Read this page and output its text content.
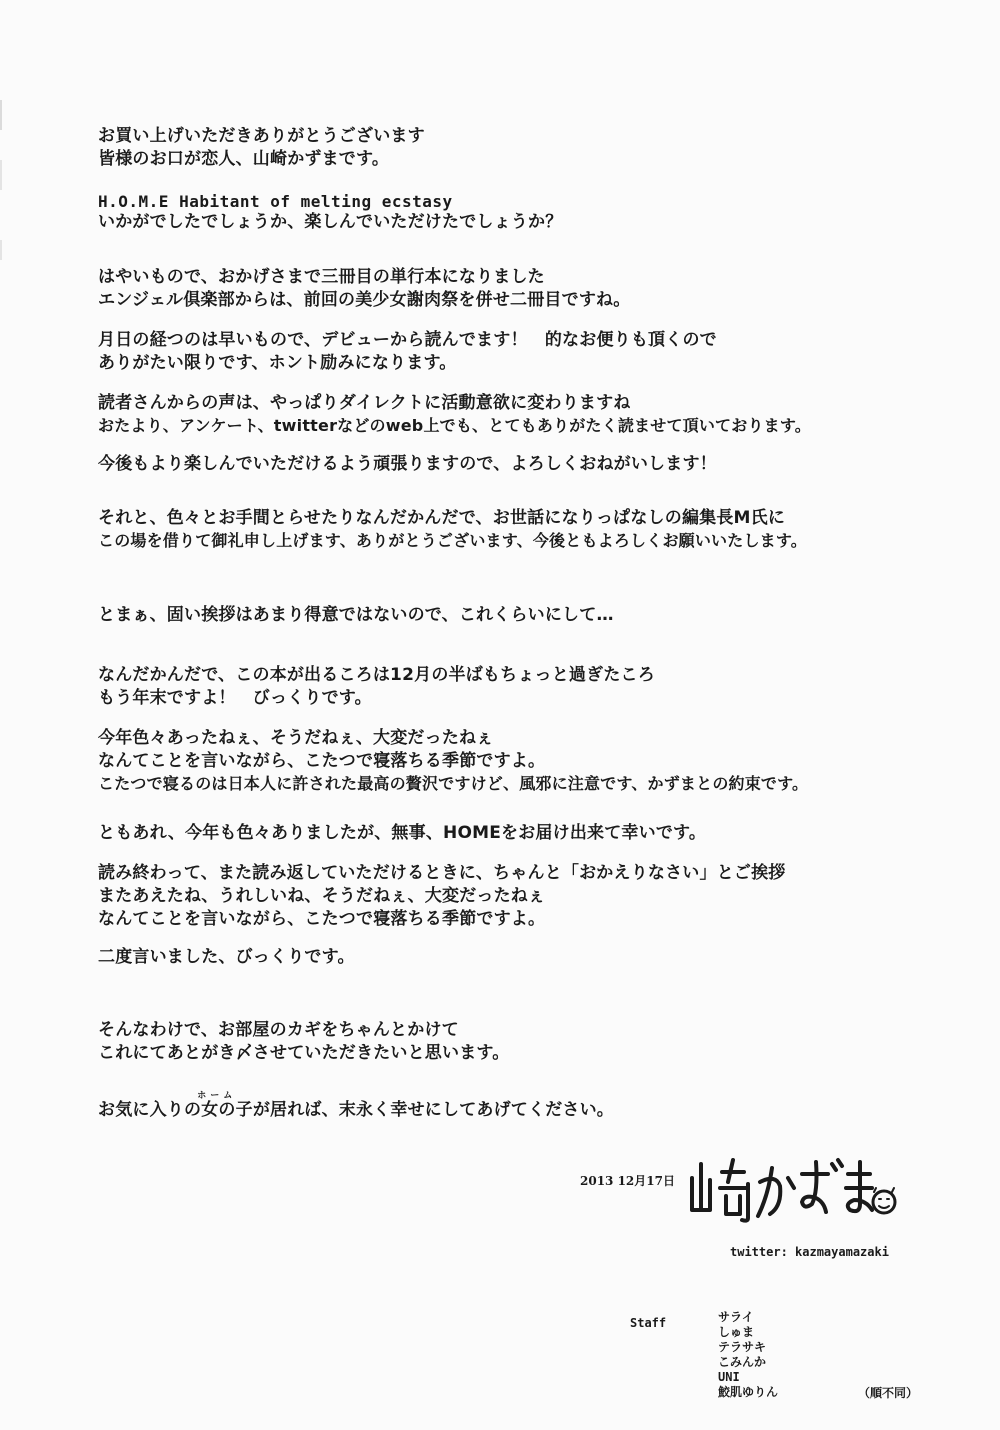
お買い上げいただきありがとうございます
皆様のお口が恋人、山崎かずまです。
H.O.M.E Habitant of melting ecstasy
いかがでしたでしょうか、楽しんでいただけたでしょうか？
はやいもので、おかげさまで三冊目の単行本になりました
エンジェル倶楽部からは、前回の美少女謝肉祭を併せ二冊目ですね。
月日の経つのは早いもので、デビューから読んでます！　的なお便りも頂くので
ありがたい限りです、ホント励みになります。
読者さんからの声は、やっぱりダイレクトに活動意欲に変わりますね
おたより、アンケート、twitterなどのweb上でも、とてもありがたく読ませて頂いております。
今後もより楽しんでいただけるよう頑張りますので、よろしくおねがいします！
それと、色々とお手間とらせたりなんだかんだで、お世話になりっぱなしの編集長M氏に
この場を借りて御礼申し上げます、ありがとうございます、今後ともよろしくお願いいたします。
とまぁ、固い挨拶はあまり得意ではないので、これくらいにして…
なんだかんだで、この本が出るころは12月の半ばもちょっと過ぎたころ
もう年末ですよ！　びっくりです。
今年色々あったねぇ、そうだねぇ、大変だったねぇ
なんてことを言いながら、こたつで寝落ちる季節ですよ。
こたつで寝るのは日本人に許された最高の贅沢ですけど、風邪に注意です、かずまとの約束です。
ともあれ、今年も色々ありましたが、無事、HOMEをお届け出来て幸いです。
読み終わって、また読み返していただけるときに、ちゃんと「おかえりなさい」とご挨拶
またあえたね、うれしいね、そうだねぇ、大変だったねぇ
なんてことを言いながら、こたつで寝落ちる季節ですよ。
二度言いました、びっくりです。
そんなわけで、お部屋のカギをちゃんとかけて
これにてあとがき〆させていただきたいと思います。
お気に入りの
ホーム
女の子が居れば、末永く幸せにしてあげてください。
2013 12月17日
twitter: kazmayamazaki
Staff	サライ
しゅま
テラサキ
こみんか
UNI
鮫肌ゆりん	（順不同）
